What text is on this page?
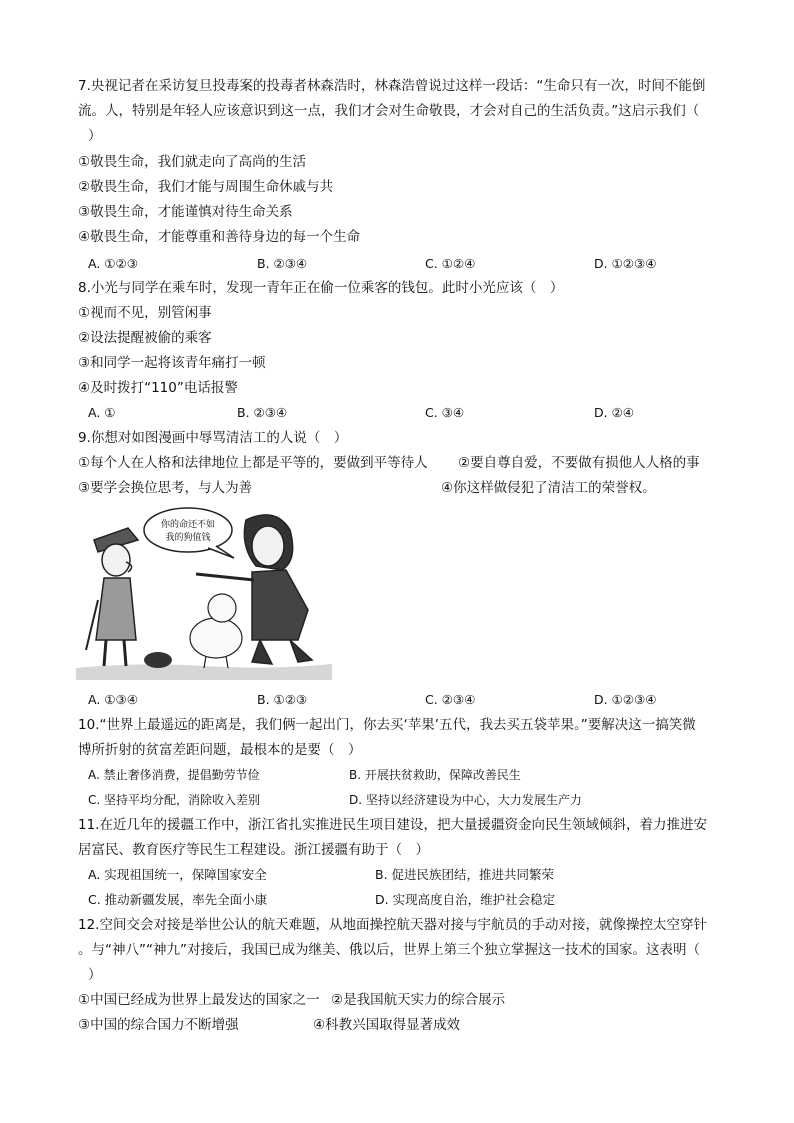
7.央视记者在采访复旦投毒案的投毒者林森浩时，林森浩曾说过这样一段话：“生命只有一次，时间不能倒
流。人，特别是年轻人应该意识到这一点，我们才会对生命敬畏，才会对自己的生活负责。”这启示我们（
）
①敬畏生命，我们就走向了高尚的生活
②敬畏生命，我们才能与周围生命休戚与共
③敬畏生命，才能谨慎对待生命关系
④敬畏生命，才能尊重和善待身边的每一个生命
A. ①②③	B. ②③④	C. ①②④	D. ①②③④
8.小光与同学在乘车时，发现一青年正在偷一位乘客的钱包。此时小光应该（　）
①视而不见，别管闲事
②设法提醒被偷的乘客
③和同学一起将该青年痛打一顿
④及时拨打“110”电话报警
A. ①	B. ②③④	C. ③④	D. ②④
9.你想对如图漫画中辱骂清洁工的人说（　）
①每个人在人格和法律地位上都是平等的，要做到平等待人 ②要自尊自爱，不要做有损他人人格的事
③要学会换位思考，与人为善	④你这样做侵犯了清洁工的荣誉权。
你的命还不如
我的狗值钱
A. ①③④	B. ①②③	C. ②③④	D. ①②③④
10.“世界上最遥远的距离是，我们俩一起出门，你去买‘苹果’五代，我去买五袋苹果。”要解决这一搞笑微
博所折射的贫富差距问题，最根本的是要（　）
A. 禁止奢侈消费，提倡勤劳节俭	B. 开展扶贫救助，保障改善民生
C. 坚持平均分配，消除收入差别	D. 坚持以经济建设为中心，大力发展生产力
11.在近几年的援疆工作中，浙江省扎实推进民生项目建设，把大量援疆资金向民生领域倾斜，着力推进安
居富民、教育医疗等民生工程建设。浙江援疆有助于（　）
A. 实现祖国统一，保障国家安全	B. 促进民族团结，推进共同繁荣
C. 推动新疆发展，率先全面小康	D. 实现高度自治，维护社会稳定
12.空间交会对接是举世公认的航天难题，从地面操控航天器对接与宇航员的手动对接，就像操控太空穿针
。与“神八”“神九”对接后，我国已成为继美、俄以后，世界上第三个独立掌握这一技术的国家。这表明（
）
①中国已经成为世界上最发达的国家之一 ②是我国航天实力的综合展示
③中国的综合国力不断增强	④科教兴国取得显著成效
